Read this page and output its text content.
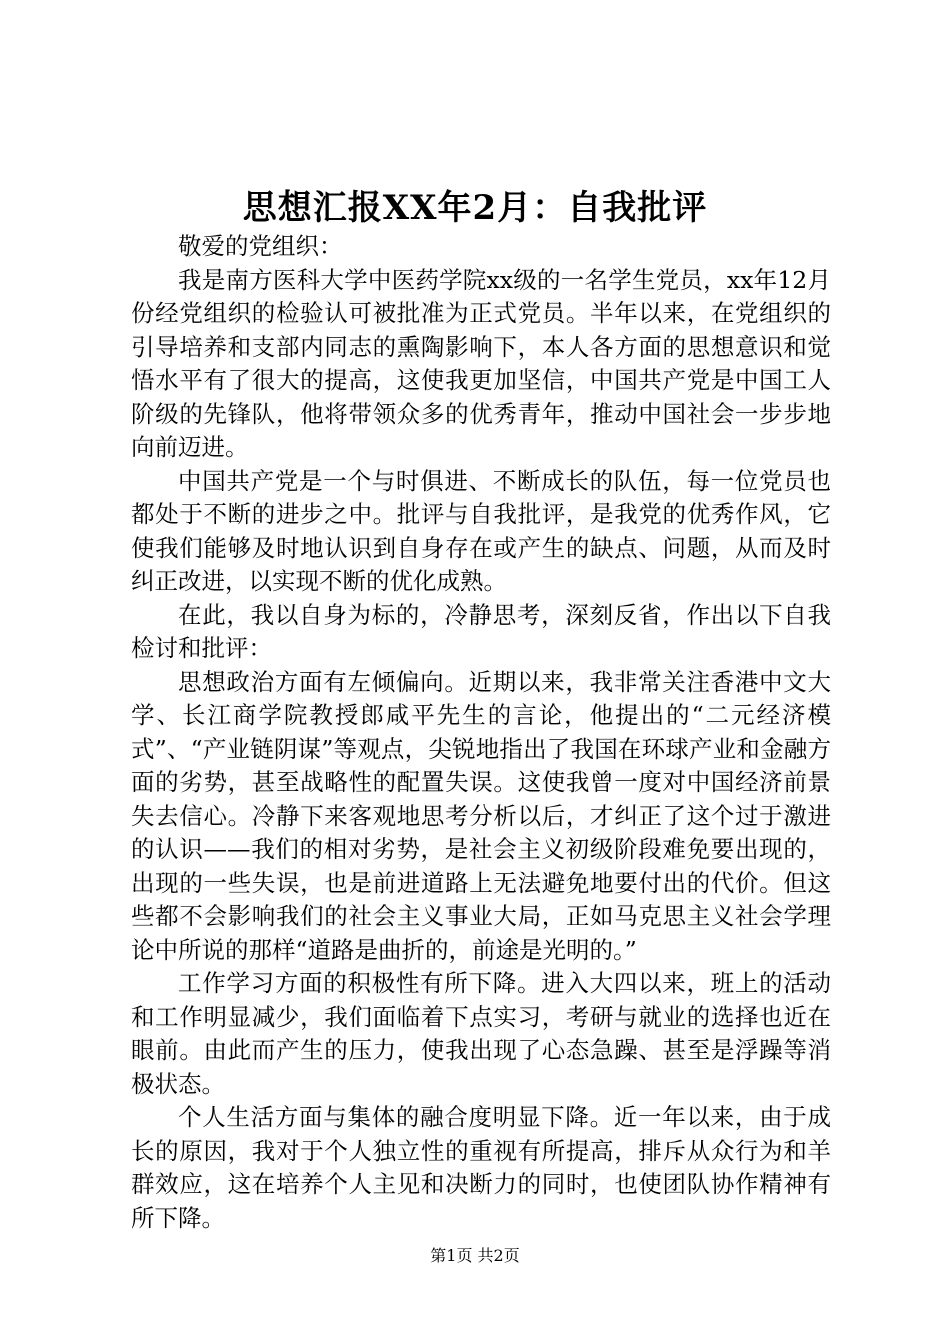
思想汇报XX年2月：自我批评

敬爱的党组织：

我是南方医科大学中医药学院xx级的一名学生党员，xx年12月份经党组织的检验认可被批准为正式党员。半年以来，在党组织的引导培养和支部内同志的熏陶影响下，本人各方面的思想意识和觉悟水平有了很大的提高，这使我更加坚信，中国共产党是中国工人阶级的先锋队，他将带领众多的优秀青年，推动中国社会一步步地向前迈进。

中国共产党是一个与时俱进、不断成长的队伍，每一位党员也都处于不断的进步之中。批评与自我批评，是我党的优秀作风，它使我们能够及时地认识到自身存在或产生的缺点、问题，从而及时纠正改进，以实现不断的优化成熟。

在此，我以自身为标的，冷静思考，深刻反省，作出以下自我检讨和批评：

思想政治方面有左倾偏向。近期以来，我非常关注香港中文大学、长江商学院教授郎咸平先生的言论，他提出的“二元经济模式”、“产业链阴谋”等观点，尖锐地指出了我国在环球产业和金融方面的劣势，甚至战略性的配置失误。这使我曾一度对中国经济前景失去信心。冷静下来客观地思考分析以后，才纠正了这个过于激进的认识——我们的相对劣势，是社会主义初级阶段难免要出现的，出现的一些失误，也是前进道路上无法避免地要付出的代价。但这些都不会影响我们的社会主义事业大局，正如马克思主义社会学理论中所说的那样“道路是曲折的，前途是光明的。”

工作学习方面的积极性有所下降。进入大四以来，班上的活动和工作明显减少，我们面临着下点实习，考研与就业的选择也近在眼前。由此而产生的压力，使我出现了心态急躁、甚至是浮躁等消极状态。

个人生活方面与集体的融合度明显下降。近一年以来，由于成长的原因，我对于个人独立性的重视有所提高，排斥从众行为和羊群效应，这在培养个人主见和决断力的同时，也使团队协作精神有所下降。

第1页 共2页
